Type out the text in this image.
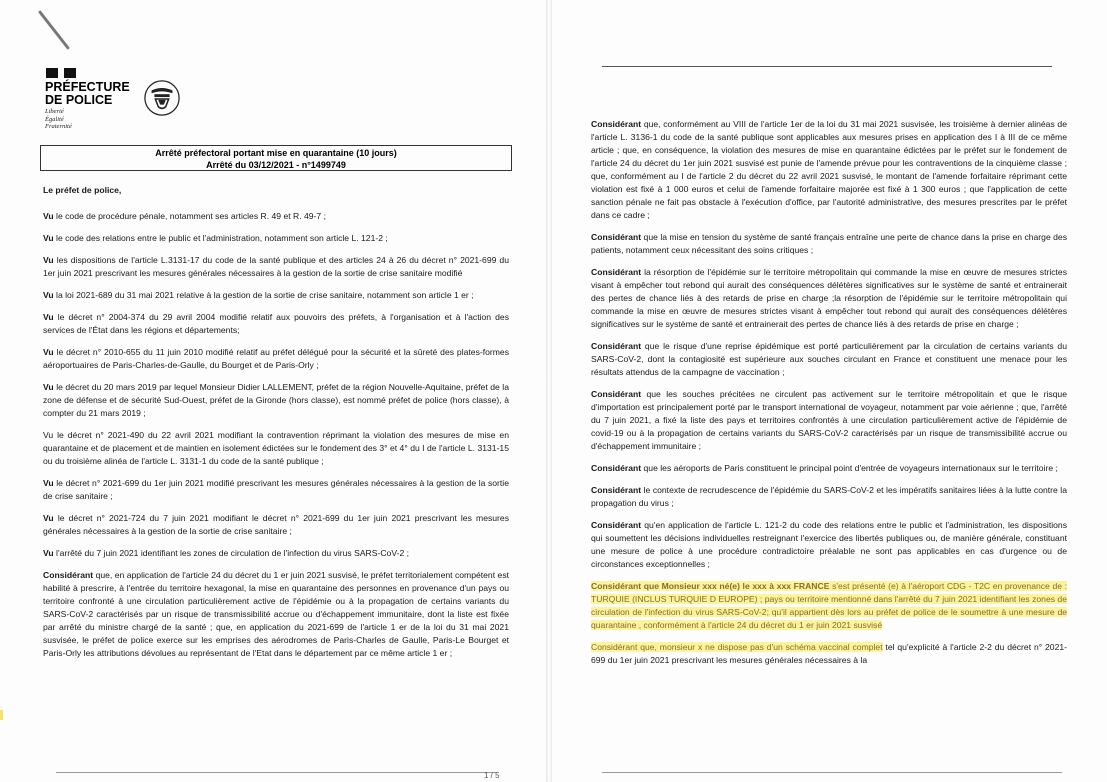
PRÉFECTURE
DE POLICE
Liberté
Égalité
Fraternité
Arrêté préfectoral portant mise en quarantaine (10 jours)
Arrêté du 03/12/2021 - n°1499749

Le préfet de police,

Vu le code de procédure pénale, notamment ses articles R. 49 et R. 49-7 ;

Vu le code des relations entre le public et l'administration, notamment son article L. 121-2 ;

Vu les dispositions de l'article L.3131-17 du code de la santé publique et des articles 24 à 26 du décret n° 2021-699 du 1er juin 2021 prescrivant les mesures générales nécessaires à la gestion de la sortie de crise sanitaire modifié

Vu la loi 2021-689 du 31 mai 2021 relative à la gestion de la sortie de crise sanitaire, notamment son article 1 er ;

Vu le décret n° 2004-374 du 29 avril 2004 modifié relatif aux pouvoirs des préfets, à l'organisation et à l'action des services de l'État dans les régions et départements;

Vu le décret n° 2010-655 du 11 juin 2010 modifié relatif au préfet délégué pour la sécurité et la sûreté des plates-formes aéroportuaires de Paris-Charles-de-Gaulle, du Bourget et de Paris-Orly ;

Vu le décret du 20 mars 2019 par lequel Monsieur Didier LALLEMENT, préfet de la région Nouvelle-Aquitaine, préfet de la zone de défense et de sécurité Sud-Ouest, préfet de la Gironde (hors classe), est nommé préfet de police (hors classe), à compter du 21 mars 2019 ;

Vu le décret n° 2021-490 du 22 avril 2021 modifiant la contravention réprimant la violation des mesures de mise en quarantaine et de placement et de maintien en isolement édictées sur le fondement des 3° et 4° du I de l'article L. 3131-15 ou du troisième alinéa de l'article L. 3131-1 du code de la santé publique ;

Vu le décret n° 2021-699 du 1er juin 2021 modifié prescrivant les mesures générales nécessaires à la gestion de la sortie de crise sanitaire ;

Vu le décret n° 2021-724 du 7 juin 2021 modifiant le décret n° 2021-699 du 1er juin 2021 prescrivant les mesures générales nécessaires à la gestion de la sortie de crise sanitaire ;

Vu l'arrêté du 7 juin 2021 identifiant les zones de circulation de l'infection du virus SARS-CoV-2 ;

Considérant que, en application de l'article 24 du décret du 1 er juin 2021 susvisé, le préfet territorialement compétent est habilité à prescrire, à l'entrée du territoire hexagonal, la mise en quarantaine des personnes en provenance d'un pays ou territoire confronté à une circulation particulièrement active de l'épidémie ou à la propagation de certains variants du SARS-CoV-2 caractérisés par un risque de transmissibilité accrue ou d'échappement immunitaire, dont la liste est fixée par arrêté du ministre chargé de la santé ; que, en application du 2021-699 de l'article 1 er de la loi du 31 mai 2021 susvisée, le préfet de police exerce sur les emprises des aérodromes de Paris-Charles de Gaulle, Paris-Le Bourget et Paris-Orly les attributions dévolues au représentant de l'Etat dans le département par ce même article 1 er ;

1 / 5

Considérant que, conformément au VIII de l'article 1er de la loi du 31 mai 2021 susvisée, les troisième à dernier alinéas de l'article L. 3136-1 du code de la santé publique sont applicables aux mesures prises en application des I à III de ce même article ; que, en conséquence, la violation des mesures de mise en quarantaine édictées par le préfet sur le fondement de l'article 24 du décret du 1er juin 2021 susvisé est punie de l'amende prévue pour les contraventions de la cinquième classe ; que, conformément au I de l'article 2 du décret du 22 avril 2021 susvisé, le montant de l'amende forfaitaire réprimant cette violation est fixé à 1 000 euros et celui de l'amende forfaitaire majorée est fixé à 1 300 euros ; que l'application de cette sanction pénale ne fait pas obstacle à l'exécution d'office, par l'autorité administrative, des mesures prescrites par le préfet dans ce cadre ;

Considérant que la mise en tension du système de santé français entraîne une perte de chance dans la prise en charge des patients, notamment ceux nécessitant des soins critiques ;

Considérant la résorption de l'épidémie sur le territoire métropolitain qui commande la mise en œuvre de mesures strictes visant à empêcher tout rebond qui aurait des conséquences délétères significatives sur le système de santé et entrainerait des pertes de chance liés à des retards de prise en charge ;la résorption de l'épidémie sur le territoire métropolitain qui commande la mise en œuvre de mesures strictes visant à empêcher tout rebond qui aurait des conséquences délétères significatives sur le système de santé et entrainerait des pertes de chance liés à des retards de prise en charge ;

Considérant que le risque d'une reprise épidémique est porté particulièrement par la circulation de certains variants du SARS-CoV-2, dont la contagiosité est supérieure aux souches circulant en France et constituent une menace pour les résultats attendus de la campagne de vaccination ;

Considérant que les souches précitées ne circulent pas activement sur le territoire métropolitain et que le risque d'importation est principalement porté par le transport international de voyageur, notamment par voie aérienne ; que, l'arrêté du 7 juin 2021, a fixé la liste des pays et territoires confrontés à une circulation particulièrement active de l'épidémie de covid-19 ou à la propagation de certains variants du SARS-CoV-2 caractérisés par un risque de transmissibilité accrue ou d'échappement immunitaire ;

Considérant que les aéroports de Paris constituent le principal point d'entrée de voyageurs internationaux sur le territoire ;

Considérant le contexte de recrudescence de l'épidémie du SARS-CoV-2 et les impératifs sanitaires liées à la lutte contre la propagation du virus ;

Considérant qu'en application de l'article L. 121-2 du code des relations entre le public et l'administration, les dispositions qui soumettent les décisions individuelles restreignant l'exercice des libertés publiques ou, de manière générale, constituant une mesure de police à une procédure contradictoire préalable ne sont pas applicables en cas d'urgence ou de circonstances exceptionnelles ;

Considérant que Monsieur xxx né(e) le xxx à xxx FRANCE s'est présenté (e) à l'aéroport CDG - T2C en provenance de : TURQUIE (INCLUS TURQUIE D EUROPE) ; pays ou territoire mentionné dans l'arrêté du 7 juin 2021 identifiant les zones de circulation de l'infection du virus SARS-CoV-2; qu'il appartient dès lors au préfet de police de le soumettre à une mesure de quarantaine , conformément à l'article 24 du décret du 1 er juin 2021 susvisé

Considérant que, monsieur x ne dispose pas d'un schéma vaccinal complet tel qu'explicité à l'article 2-2 du décret n° 2021-699 du 1er juin 2021 prescrivant les mesures générales nécessaires à la
